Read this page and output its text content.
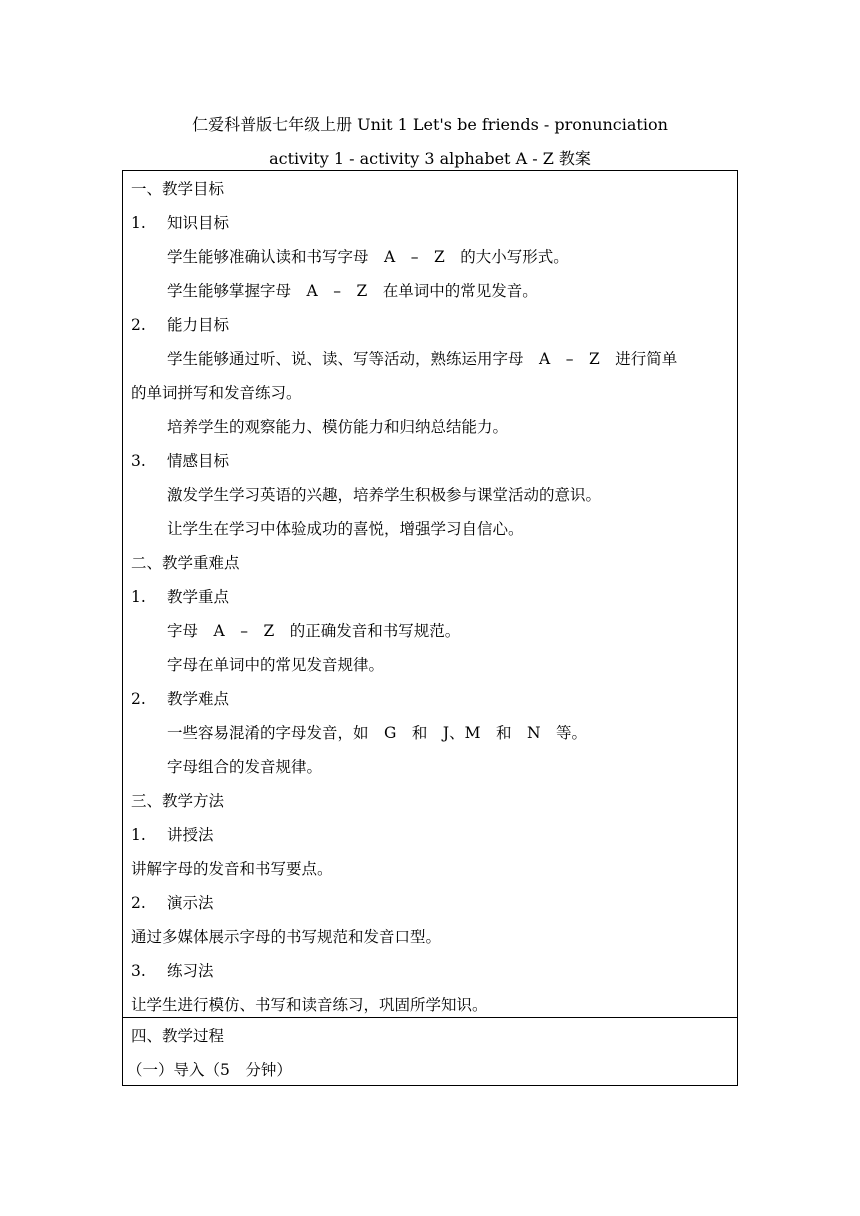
仁爱科普版七年级上册 Unit 1 Let's be friends - pronunciation
activity 1 - activity 3 alphabet A - Z 教案
一、教学目标
1. 知识目标
学生能够准确认读和书写字母　A　–　Z　的大小写形式。
学生能够掌握字母　A　–　Z　在单词中的常见发音。
2. 能力目标
学生能够通过听、说、读、写等活动，熟练运用字母　A　–　Z　进行简单
的单词拼写和发音练习。
培养学生的观察能力、模仿能力和归纳总结能力。
3. 情感目标
激发学生学习英语的兴趣，培养学生积极参与课堂活动的意识。
让学生在学习中体验成功的喜悦，增强学习自信心。
二、教学重难点
1. 教学重点
字母　A　–　Z　的正确发音和书写规范。
字母在单词中的常见发音规律。
2. 教学难点
一些容易混淆的字母发音，如　G　和　J、M　和　N　等。
字母组合的发音规律。
三、教学方法
1. 讲授法
讲解字母的发音和书写要点。
2. 演示法
通过多媒体展示字母的书写规范和发音口型。
3. 练习法
让学生进行模仿、书写和读音练习，巩固所学知识。
四、教学过程
（一）导入（5　分钟）
